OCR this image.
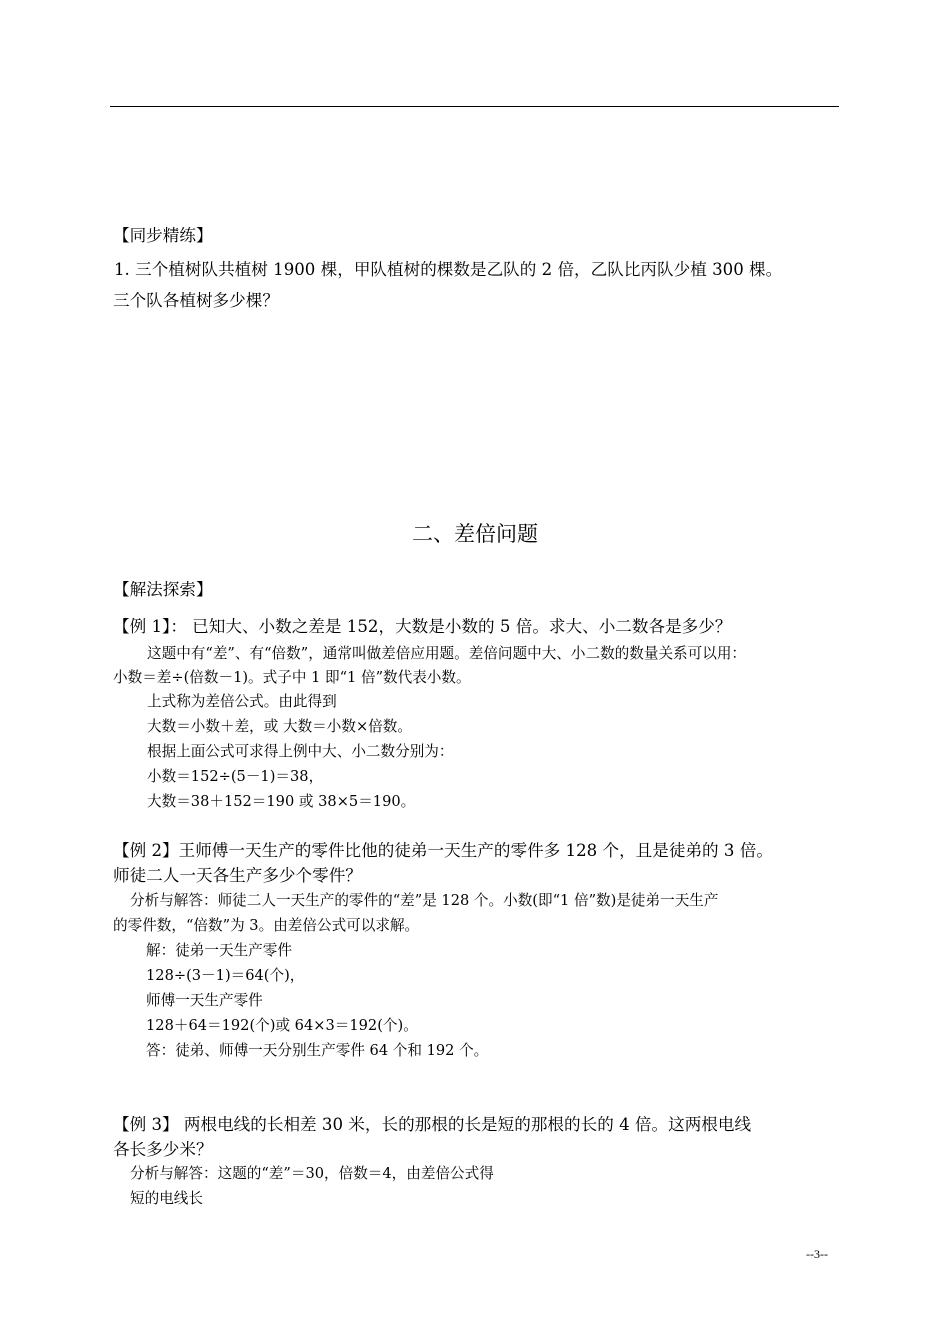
【同步精练】
1. 三个植树队共植树 1900 棵，甲队植树的棵数是乙队的 2 倍，乙队比丙队少植 300 棵。
三个队各植树多少棵？
二、差倍问题
【解法探索】
【例 1】： 已知大、小数之差是 152，大数是小数的 5 倍。求大、小二数各是多少？
这题中有“差”、有“倍数”，通常叫做差倍应用题。差倍问题中大、小二数的数量关系可以用：
小数＝差÷(倍数－1)。式子中 1 即“1 倍”数代表小数。
上式称为差倍公式。由此得到
大数＝小数＋差，或 大数＝小数×倍数。
根据上面公式可求得上例中大、小二数分别为：
小数＝152÷(5－1)＝38，
大数＝38＋152＝190 或 38×5＝190。
【例 2】王师傅一天生产的零件比他的徒弟一天生产的零件多 128 个，且是徒弟的 3 倍。
师徒二人一天各生产多少个零件？
分析与解答：师徒二人一天生产的零件的“差”是 128 个。小数(即“1 倍”数)是徒弟一天生产
的零件数，“倍数”为 3。由差倍公式可以求解。
解：徒弟一天生产零件
128÷(3－1)＝64(个)，
师傅一天生产零件
128＋64＝192(个)或 64×3＝192(个)。
答：徒弟、师傅一天分别生产零件 64 个和 192 个。
【例 3】 两根电线的长相差 30 米，长的那根的长是短的那根的长的 4 倍。这两根电线
各长多少米？
分析与解答：这题的“差”＝30，倍数＝4，由差倍公式得
短的电线长
--3--
